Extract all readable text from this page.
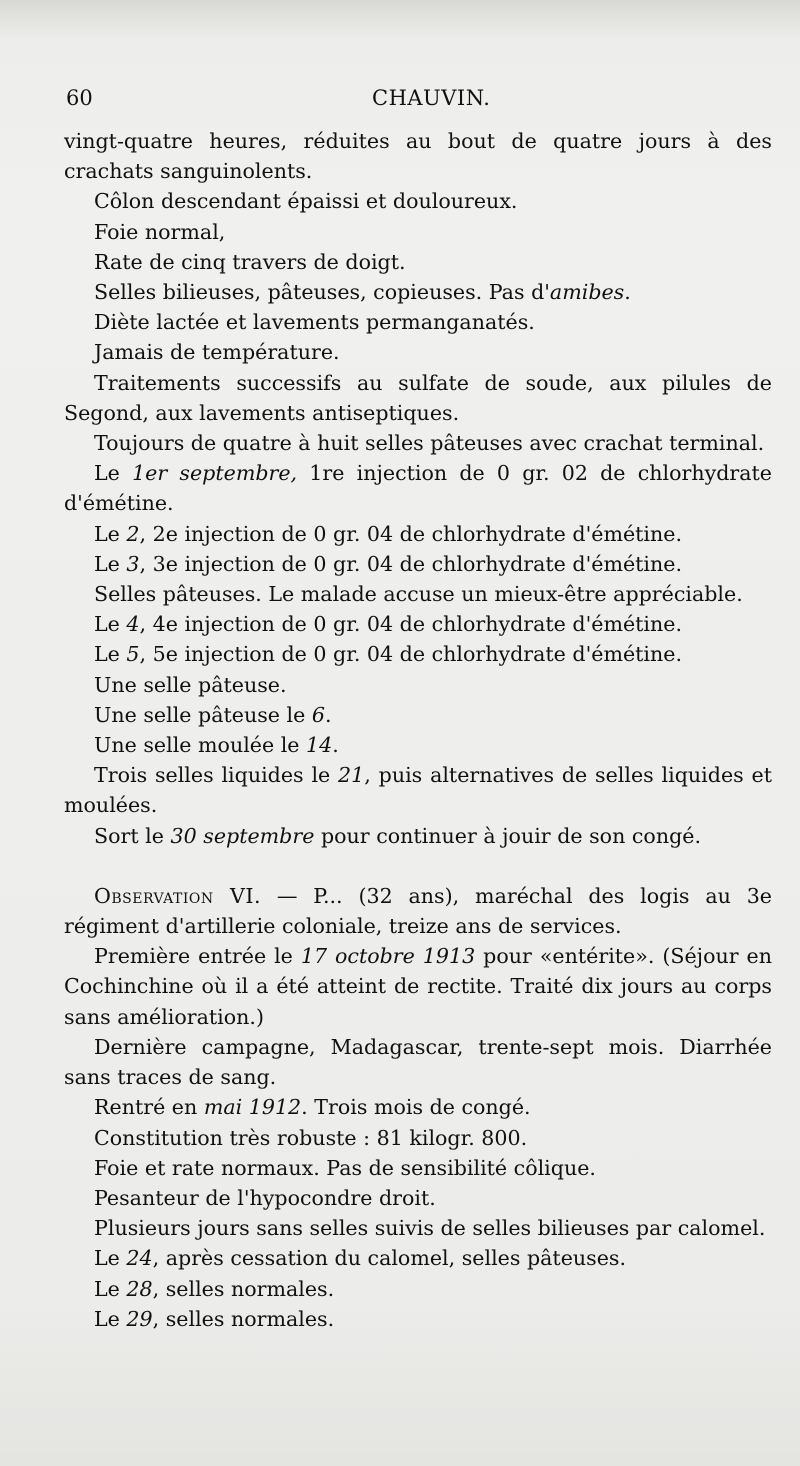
60	CHAUVIN.

vingt-quatre heures, réduites au bout de quatre jours à des crachats sanguinolents.

Côlon descendant épaissi et douloureux.

Foie normal,

Rate de cinq travers de doigt.

Selles bilieuses, pâteuses, copieuses. Pas d'amibes.

Diète lactée et lavements permanganatés.

Jamais de température.

Traitements successifs au sulfate de soude, aux pilules de Segond, aux lavements antiseptiques.

Toujours de quatre à huit selles pâteuses avec crachat terminal.

Le 1er septembre, 1re injection de 0 gr. 02 de chlorhydrate d'émétine.

Le 2, 2e injection de 0 gr. 04 de chlorhydrate d'émétine.

Le 3, 3e injection de 0 gr. 04 de chlorhydrate d'émétine.

Selles pâteuses. Le malade accuse un mieux-être appréciable.

Le 4, 4e injection de 0 gr. 04 de chlorhydrate d'émétine.

Le 5, 5e injection de 0 gr. 04 de chlorhydrate d'émétine.

Une selle pâteuse.

Une selle pâteuse le 6.

Une selle moulée le 14.

Trois selles liquides le 21, puis alternatives de selles liquides et moulées.

Sort le 30 septembre pour continuer à jouir de son congé.

Observation VI. — P... (32 ans), maréchal des logis au 3e régiment d'artillerie coloniale, treize ans de services.

Première entrée le 17 octobre 1913 pour «entérite». (Séjour en Cochinchine où il a été atteint de rectite. Traité dix jours au corps sans amélioration.)

Dernière campagne, Madagascar, trente-sept mois. Diarrhée sans traces de sang.

Rentré en mai 1912. Trois mois de congé.

Constitution très robuste : 81 kilogr. 800.

Foie et rate normaux. Pas de sensibilité côlique.

Pesanteur de l'hypocondre droit.

Plusieurs jours sans selles suivis de selles bilieuses par calomel.

Le 24, après cessation du calomel, selles pâteuses.

Le 28, selles normales.

Le 29, selles normales.
